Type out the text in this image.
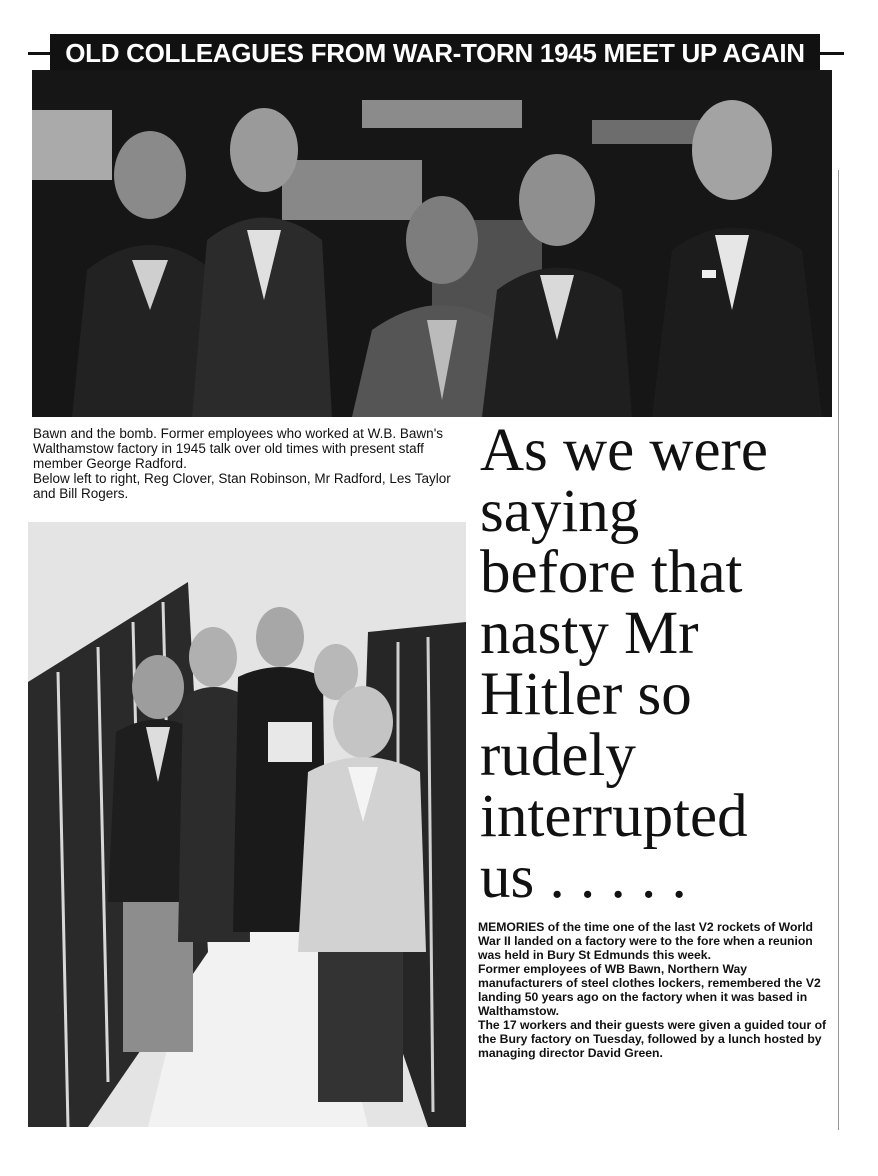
OLD COLLEAGUES FROM WAR-TORN 1945 MEET UP AGAIN

Bawn and the bomb. Former employees who worked at W.B. Bawn's Walthamstow factory in 1945 talk over old times with present staff member George Radford.

Below left to right, Reg Clover, Stan Robinson, Mr Radford, Les Taylor and Bill Rogers.

As we were
saying
before that
nasty Mr
Hitler so
rudely
interrupted
us . . . . .

MEMORIES of the time one of the last V2 rockets of World War II landed on a factory were to the fore when a reunion was held in Bury St Edmunds this week.

Former employees of WB Bawn, Northern Way manufacturers of steel clothes lockers, remembered the V2 landing 50 years ago on the factory when it was based in Walthamstow.

The 17 workers and their guests were given a guided tour of the Bury factory on Tuesday, followed by a lunch hosted by managing director David Green.
